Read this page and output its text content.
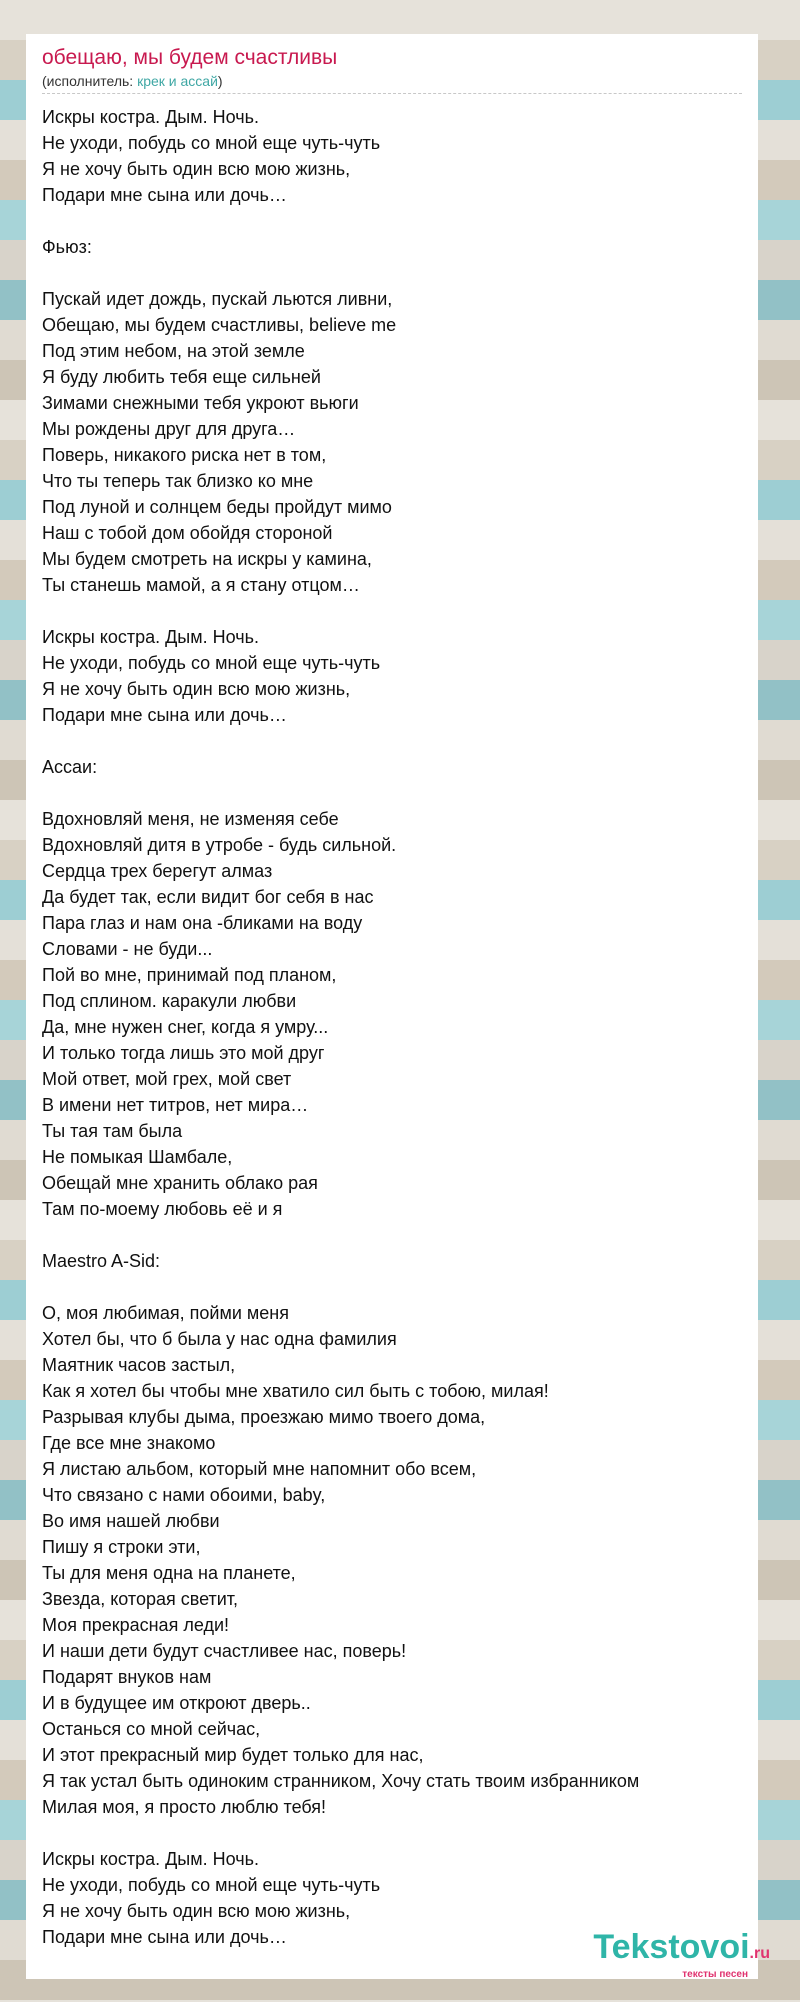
обещаю, мы будем счастливы
(исполнитель: крек и ассай)
Искры костра. Дым. Ночь.
Не уходи, побудь со мной еще чуть-чуть
Я не хочу быть один всю мою жизнь,
Подари мне сына или дочь…
Фьюз:
Пускай идет дождь, пускай льются ливни,
Обещаю, мы будем счастливы, believe me
Под этим небом, на этой земле
Я буду любить тебя еще сильней
Зимами снежными тебя укроют вьюги
Мы рождены друг для друга…
Поверь, никакого риска нет в том,
Что ты теперь так близко ко мне
Под луной и солнцем беды пройдут мимо
Наш с тобой дом обойдя стороной
Мы будем смотреть на искры у камина,
Ты станешь мамой, а я стану отцом…
Искры костра. Дым. Ночь.
Не уходи, побудь со мной еще чуть-чуть
Я не хочу быть один всю мою жизнь,
Подари мне сына или дочь…
Ассаи:
Вдохновляй меня, не изменяя себе
Вдохновляй дитя в утробе - будь сильной.
Сердца трех берегут алмаз
Да будет так, если видит бог себя в нас
Пара глаз и нам она -бликами на воду
Словами - не буди...
Пой во мне, принимай под планом,
Под сплином. каракули любви
Да, мне нужен снег, когда я умру...
И только тогда лишь это мой друг
Мой ответ, мой грех, мой свет
В имени нет титров, нет мира…
Ты тая там была
Не помыкая Шамбале,
Обещай мне хранить облако рая
Там по-моему любовь её и я
Maestro A-Sid:
О, моя любимая, пойми меня
Хотел бы, что б была у нас одна фамилия
Маятник часов застыл,
Как я хотел бы чтобы мне хватило сил быть с тобою, милая!
Разрывая клубы дыма, проезжаю мимо твоего дома,
Где все мне знакомо
Я листаю альбом, который мне напомнит обо всем,
Что связано с нами обоими, baby,
Во имя нашей любви
Пишу я строки эти,
Ты для меня одна на планете,
Звезда, которая светит,
Моя прекрасная леди!
И наши дети будут счастливее нас, поверь!
Подарят внуков нам
И в будущее им откроют дверь..
Останься со мной сейчас,
И этот прекрасный мир будет только для нас,
Я так устал быть одиноким странником, Хочу стать твоим избранником
Милая моя, я просто люблю тебя!
Искры костра. Дым. Ночь.
Не уходи, побудь со мной еще чуть-чуть
Я не хочу быть один всю мою жизнь,
Подари мне сына или дочь…	Tekstovoi.ru
тексты песен
